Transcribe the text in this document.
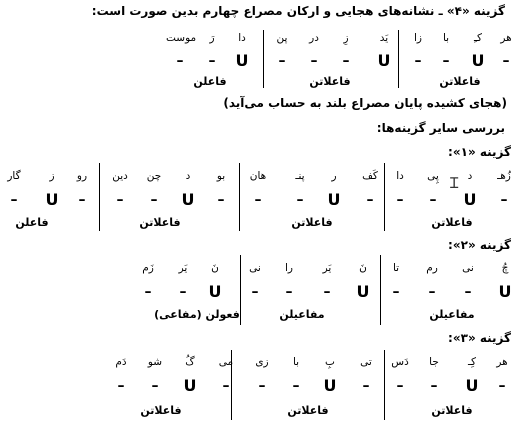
گزینه «۴» ـ نشانه‌های هجایی و ارکان مصراع چهارم بدین صورت است:
(هجای کشیده پایان مصراع بلند به حساب می‌آید)
بررسی سایر گزینه‌ها:
هر
کـِ
با
زا
یَد
زِ
در
پن
دا
رَ
موست
–
U
–
–
U
–
–
–
U
–
–
فاعلاتن
فاعلاتن
فاعلن
گزینه «۱»:
زُهـ
د
پِی
دا
کَف
ر
پنـ
هان
بو
د
چن
دین
رو
ز
گار
–
U
–
–
–
U
–
–
–
U
–
–
–
U
–
فاعلاتن
فاعلاتن
فاعلاتن
فاعلن
گزینه «۲»:
چُ
نی
رم
تا
نَ
یَر
را
نی
نَ
یَر
زَم
U
–
–
–
U
–
–
–
U
–
–
مفاعیلن
مفاعیلن
فعولن (مفاعی)
گزینه «۳»:
هر
کِـ
جا
دَس
تی
بِ
با
زی
می
گُ
شو
دَم
–
U
–
–
–
U
–
–
–
U
–
–
فاعلاتن
فاعلاتن
فاعلاتن
Ɪ
